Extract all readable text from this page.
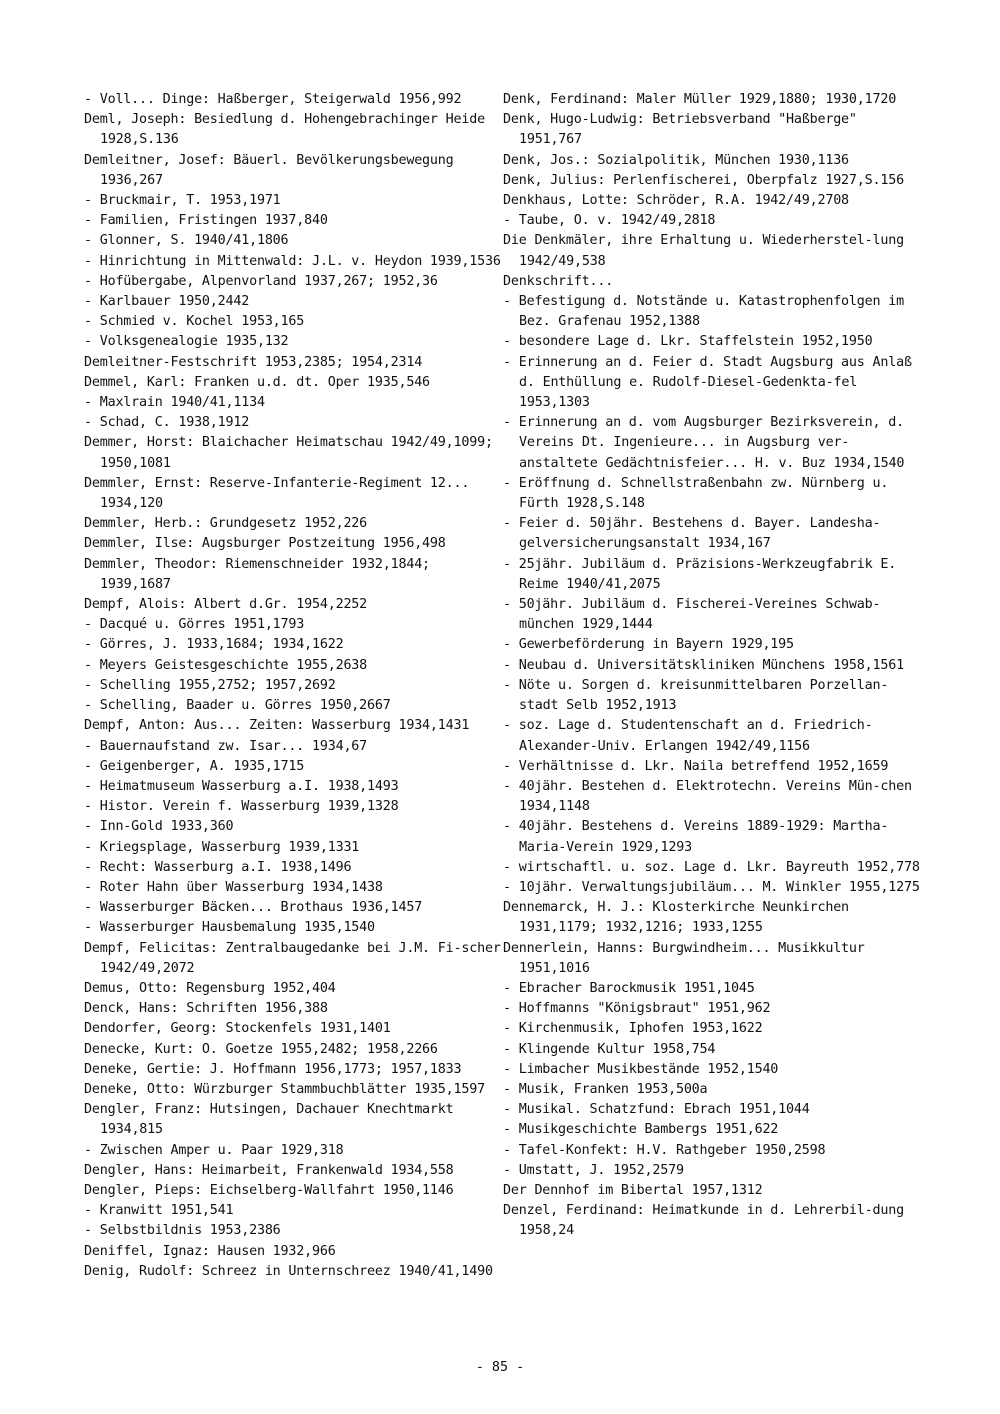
- Voll... Dinge: Haßberger, Steigerwald 1956,992
Deml, Joseph: Besiedlung d. Hohengebrachinger Heide 1928,S.136
Demleitner, Josef: Bäuerl. Bevölkerungsbewegung 1936,267
- Bruckmair, T. 1953,1971
- Familien, Fristingen 1937,840
- Glonner, S. 1940/41,1806
- Hinrichtung in Mittenwald: J.L. v. Heydon 1939,1536
- Hofübergabe, Alpenvorland 1937,267; 1952,36
- Karlbauer 1950,2442
- Schmied v. Kochel 1953,165
- Volksgenealogie 1935,132
Demleitner-Festschrift 1953,2385; 1954,2314
Demmel, Karl: Franken u.d. dt. Oper 1935,546
- Maxlrain 1940/41,1134
- Schad, C. 1938,1912
Demmer, Horst: Blaichacher Heimatschau 1942/49,1099; 1950,1081
Demmler, Ernst: Reserve-Infanterie-Regiment 12... 1934,120
Demmler, Herb.: Grundgesetz 1952,226
Demmler, Ilse: Augsburger Postzeitung 1956,498
Demmler, Theodor: Riemenschneider 1932,1844; 1939,1687
Dempf, Alois: Albert d.Gr. 1954,2252
- Dacqué u. Görres 1951,1793
- Görres, J. 1933,1684; 1934,1622
- Meyers Geistesgeschichte 1955,2638
- Schelling 1955,2752; 1957,2692
- Schelling, Baader u. Görres 1950,2667
Dempf, Anton: Aus... Zeiten: Wasserburg 1934,1431
- Bauernaufstand zw. Isar... 1934,67
- Geigenberger, A. 1935,1715
- Heimatmuseum Wasserburg a.I. 1938,1493
- Histor. Verein f. Wasserburg 1939,1328
- Inn-Gold 1933,360
- Kriegsplage, Wasserburg 1939,1331
- Recht: Wasserburg a.I. 1938,1496
- Roter Hahn über Wasserburg 1934,1438
- Wasserburger Bäcken... Brothaus 1936,1457
- Wasserburger Hausbemalung 1935,1540
Dempf, Felicitas: Zentralbaugedanke bei J.M. Fi-scher 1942/49,2072
Demus, Otto: Regensburg 1952,404
Denck, Hans: Schriften 1956,388
Dendorfer, Georg: Stockenfels 1931,1401
Denecke, Kurt: O. Goetze 1955,2482; 1958,2266
Deneke, Gertie: J. Hoffmann 1956,1773; 1957,1833
Deneke, Otto: Würzburger Stammbuchblätter 1935,1597
Dengler, Franz: Hutsingen, Dachauer Knechtmarkt 1934,815
- Zwischen Amper u. Paar 1929,318
Dengler, Hans: Heimarbeit, Frankenwald 1934,558
Dengler, Pieps: Eichselberg-Wallfahrt 1950,1146
- Kranwitt 1951,541
- Selbstbildnis 1953,2386
Deniffel, Ignaz: Hausen 1932,966
Denig, Rudolf: Schreez in Unternschreez 1940/41,1490
Denk, Ferdinand: Maler Müller 1929,1880; 1930,1720
Denk, Hugo-Ludwig: Betriebsverband "Haßberge" 1951,767
Denk, Jos.: Sozialpolitik, München 1930,1136
Denk, Julius: Perlenfischerei, Oberpfalz 1927,S.156
Denkhaus, Lotte: Schröder, R.A. 1942/49,2708
- Taube, O. v. 1942/49,2818
Die Denkmäler, ihre Erhaltung u. Wiederherstel-lung 1942/49,538
Denkschrift...
- Befestigung d. Notstände u. Katastrophenfolgen im Bez. Grafenau 1952,1388
- besondere Lage d. Lkr. Staffelstein 1952,1950
- Erinnerung an d. Feier d. Stadt Augsburg aus Anlaß d. Enthüllung e. Rudolf-Diesel-Gedenkta-fel 1953,1303
- Erinnerung an d. vom Augsburger Bezirksverein, d. Vereins Dt. Ingenieure... in Augsburg ver-anstaltete Gedächtnisfeier... H. v. Buz 1934,1540
- Eröffnung d. Schnellstraßenbahn zw. Nürnberg u. Fürth 1928,S.148
- Feier d. 50jähr. Bestehens d. Bayer. Landesha-gelversicherungsanstalt 1934,167
- 25jähr. Jubiläum d. Präzisions-Werkzeugfabrik E. Reime 1940/41,2075
- 50jähr. Jubiläum d. Fischerei-Vereines Schwab-münchen 1929,1444
- Gewerbeförderung in Bayern 1929,195
- Neubau d. Universitätskliniken Münchens 1958,1561
- Nöte u. Sorgen d. kreisunmittelbaren Porzellan-stadt Selb 1952,1913
- soz. Lage d. Studentenschaft an d. Friedrich-Alexander-Univ. Erlangen 1942/49,1156
- Verhältnisse d. Lkr. Naila betreffend 1952,1659
- 40jähr. Bestehen d. Elektrotechn. Vereins Mün-chen 1934,1148
- 40jähr. Bestehens d. Vereins 1889-1929: Martha-Maria-Verein 1929,1293
- wirtschaftl. u. soz. Lage d. Lkr. Bayreuth 1952,778
- 10jähr. Verwaltungsjubiläum... M. Winkler 1955,1275
Dennemarck, H. J.: Klosterkirche Neunkirchen 1931,1179; 1932,1216; 1933,1255
Dennerlein, Hanns: Burgwindheim... Musikkultur 1951,1016
- Ebracher Barockmusik 1951,1045
- Hoffmanns "Königsbraut" 1951,962
- Kirchenmusik, Iphofen 1953,1622
- Klingende Kultur 1958,754
- Limbacher Musikbestände 1952,1540
- Musik, Franken 1953,500a
- Musikal. Schatzfund: Ebrach 1951,1044
- Musikgeschichte Bambergs 1951,622
- Tafel-Konfekt: H.V. Rathgeber 1950,2598
- Umstatt, J. 1952,2579
Der Dennhof im Bibertal 1957,1312
Denzel, Ferdinand: Heimatkunde in d. Lehrerbil-dung 1958,24
- 85 -
